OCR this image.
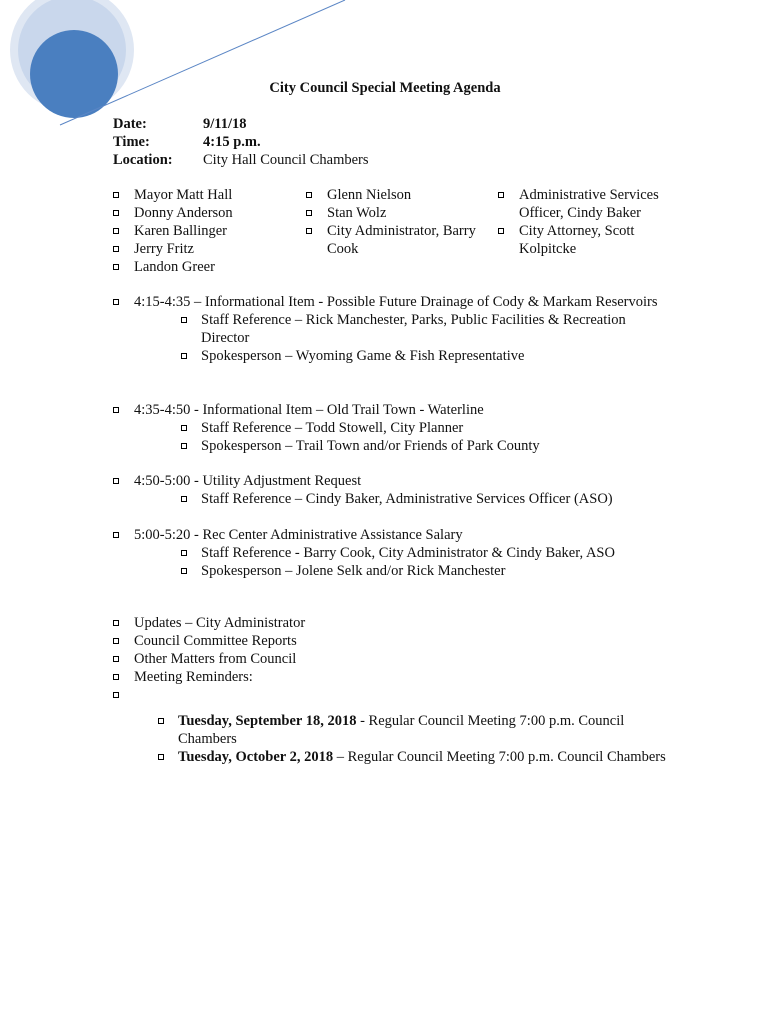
City Council Special Meeting Agenda
Date:	9/11/18
Time:	4:15 p.m.
Location:	City Hall Council Chambers
Mayor Matt Hall
Donny Anderson
Karen Ballinger
Jerry Fritz
Landon Greer
Glenn Nielson
Stan Wolz
City Administrator, Barry Cook
Administrative Services Officer, Cindy Baker
City Attorney, Scott Kolpitcke
4:15-4:35 – Informational Item - Possible Future Drainage of Cody & Markam Reservoirs
Staff Reference – Rick Manchester, Parks, Public Facilities & Recreation Director
Spokesperson – Wyoming Game & Fish Representative
4:35-4:50 - Informational Item – Old Trail Town - Waterline
Staff Reference – Todd Stowell, City Planner
Spokesperson – Trail Town and/or Friends of Park County
4:50-5:00 - Utility Adjustment Request
Staff Reference – Cindy Baker, Administrative Services Officer (ASO)
5:00-5:20 - Rec Center Administrative Assistance Salary
Staff Reference - Barry Cook, City Administrator & Cindy Baker, ASO
Spokesperson – Jolene Selk and/or Rick Manchester
Updates – City Administrator
Council Committee Reports
Other Matters from Council
Meeting Reminders:
Tuesday, September 18, 2018 - Regular Council Meeting 7:00 p.m. Council Chambers
Tuesday, October 2, 2018 – Regular Council Meeting 7:00 p.m. Council Chambers
